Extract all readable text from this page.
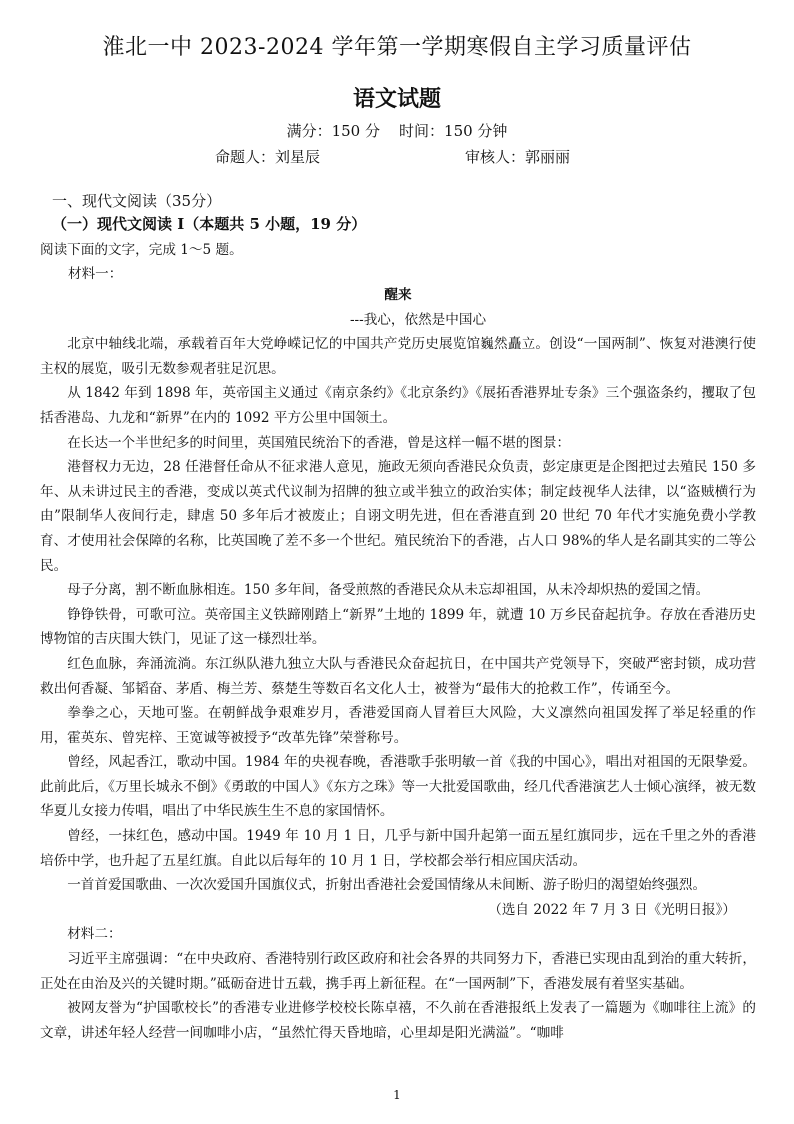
淮北一中 2023-2024 学年第一学期寒假自主学习质量评估
语文试题
满分：150 分    时间：150 分钟
命题人：刘星辰	审核人：郭丽丽
一、现代文阅读（35分）
（一）现代文阅读 I（本题共 5 小题，19 分）
阅读下面的文字，完成 1～5 题。
材料一：

醒来

---我心，依然是中国心

北京中轴线北端，承载着百年大党峥嵘记忆的中国共产党历史展览馆巍然矗立。创设“一国两制”、恢复对港澳行使主权的展览，吸引无数参观者驻足沉思。

从 1842 年到 1898 年，英帝国主义通过《南京条约》《北京条约》《展拓香港界址专条》三个强盗条约，攫取了包括香港岛、九龙和“新界”在内的 1092 平方公里中国领土。

在长达一个半世纪多的时间里，英国殖民统治下的香港，曾是这样一幅不堪的图景：

港督权力无边，28 任港督任命从不征求港人意见，施政无须向香港民众负责，彭定康更是企图把过去殖民 150 多年、从未讲过民主的香港，变成以英式代议制为招牌的独立或半独立的政治实体；制定歧视华人法律，以“盗贼横行为由”限制华人夜间行走，肆虐 50 多年后才被废止；自诩文明先进，但在香港直到 20 世纪 70 年代才实施免费小学教育、才使用社会保障的名称，比英国晚了差不多一个世纪。殖民统治下的香港，占人口 98%的华人是名副其实的二等公民。

母子分离，割不断血脉相连。150 多年间，备受煎熬的香港民众从未忘却祖国，从未冷却炽热的爱国之情。

铮铮铁骨，可歌可泣。英帝国主义铁蹄刚踏上“新界”土地的 1899 年，就遭 10 万乡民奋起抗争。存放在香港历史博物馆的吉庆围大铁门，见证了这一様烈壮举。

红色血脉，奔涌流淌。东江纵队港九独立大队与香港民众奋起抗日，在中国共产党领导下，突破严密封锁，成功营救出何香凝、邹韬奋、茅盾、梅兰芳、蔡楚生等数百名文化人士，被誉为“最伟大的抢救工作”，传诵至今。

拳拳之心，天地可鉴。在朝鲜战争艰难岁月，香港爱国商人冒着巨大风险，大义凛然向祖国发挥了举足轻重的作用，霍英东、曾宪梓、王宽诚等被授予“改革先锋”荣誉称号。

曾经，风起香江，歌动中国。1984 年的央视春晚，香港歌手张明敏一首《我的中国心》，唱出对祖国的无限挚爱。此前此后，《万里长城永不倒》《勇敢的中国人》《东方之珠》等一大批爱国歌曲，经几代香港演艺人士倾心演绎，被无数华夏儿女接力传唱，唱出了中华民族生生不息的家国情怀。

曾经，一抹红色，感动中国。1949 年 10 月 1 日，几乎与新中国升起第一面五星红旗同步，远在千里之外的香港培侨中学，也升起了五星红旗。自此以后每年的 10 月 1 日，学校都会举行相应国庆活动。

一首首爱国歌曲、一次次爱国升国旗仪式，折射出香港社会爱国情缘从未间断、游子盼归的渴望始终强烈。

（选自 2022 年 7 月 3 日《光明日报》）

材料二：

习近平主席强调：“在中央政府、香港特别行政区政府和社会各界的共同努力下，香港已实现由乱到治的重大转折，正处在由治及兴的关键时期。”砥砺奋进廿五载，携手再上新征程。在“一国两制”下，香港发展有着坚实基础。

被网友誉为“护国歌校长”的香港专业进修学校校长陈卓禧，不久前在香港报纸上发表了一篇题为《咖啡往上流》的文章，讲述年轻人经营一间咖啡小店，“虽然忙得天昏地暗，心里却是阳光满溢”。“咖啡

1
